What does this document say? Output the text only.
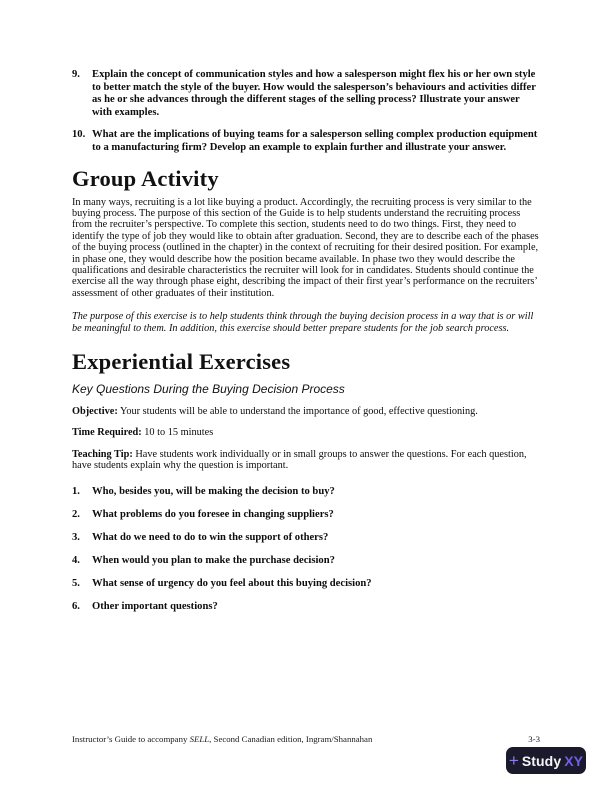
9.	Explain the concept of communication styles and how a salesperson might flex his or her own style to better match the style of the buyer. How would the salesperson’s behaviours and activities differ as he or she advances through the different stages of the selling process? Illustrate your answer with examples.
10. What are the implications of buying teams for a salesperson selling complex production equipment to a manufacturing firm? Develop an example to explain further and illustrate your answer.
Group Activity

In many ways, recruiting is a lot like buying a product. Accordingly, the recruiting process is very similar to the buying process. The purpose of this section of the Guide is to help students understand the recruiting process from the recruiter’s perspective. To complete this section, students need to do two things. First, they need to identify the type of job they would like to obtain after graduation. Second, they are to describe each of the phases of the buying process (outlined in the chapter) in the context of recruiting for their desired position. For example, in phase one, they would describe how the position became available. In phase two they would describe the qualifications and desirable characteristics the recruiter will look for in candidates. Students should continue the exercise all the way through phase eight, describing the impact of their first year’s performance on the recruiters’ assessment of other graduates of their institution.

The purpose of this exercise is to help students think through the buying decision process in a way that is or will be meaningful to them. In addition, this exercise should better prepare students for the job search process.

Experiential Exercises

Key Questions During the Buying Decision Process

Objective: Your students will be able to understand the importance of good, effective questioning.

Time Required: 10 to 15 minutes

Teaching Tip: Have students work individually or in small groups to answer the questions. For each question, have students explain why the question is important.

1.	Who, besides you, will be making the decision to buy?
2.	What problems do you foresee in changing suppliers?
3.	What do we need to do to win the support of others?
4.	When would you plan to make the purchase decision?
5.	What sense of urgency do you feel about this buying decision?
6.	Other important questions?
Instructor’s Guide to accompany SELL, Second Canadian edition, Ingram/Shannahan	3-3
+ Study XY
